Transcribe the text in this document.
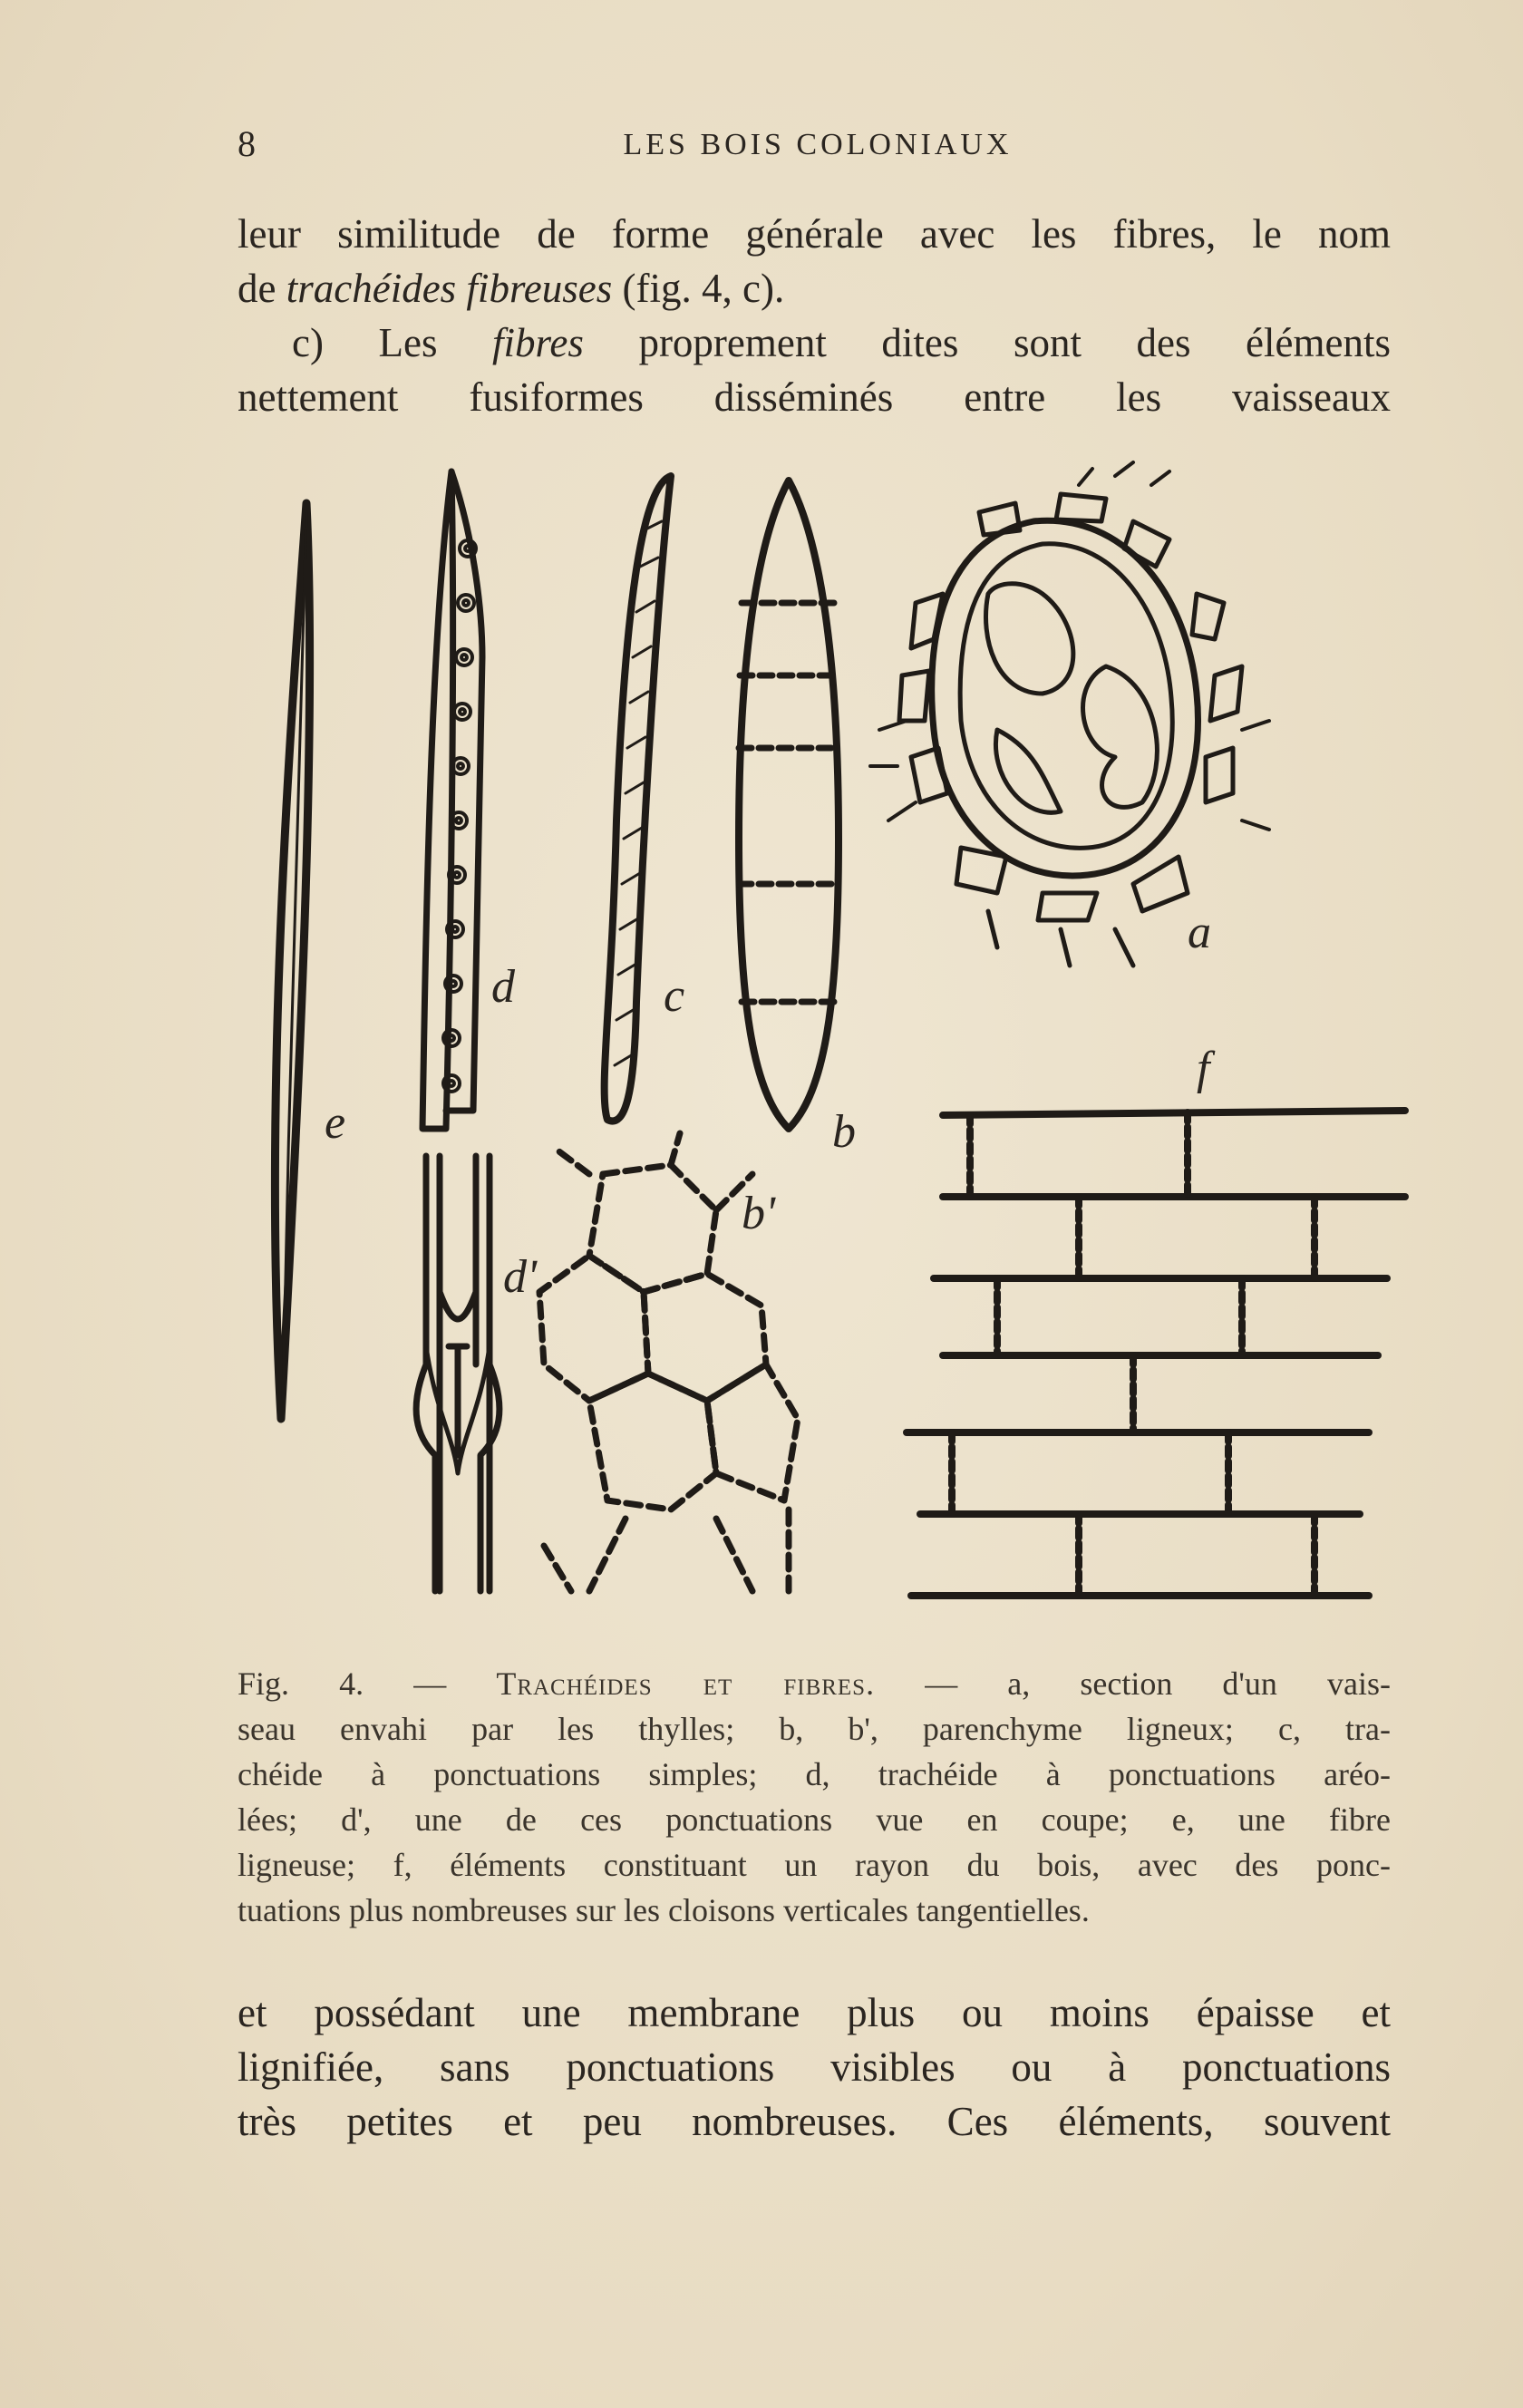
8	LES BOIS COLONIAUX
leur similitude de forme générale avec les fibres, le nom
de trachéides fibreuses (fig. 4, c).
c) Les fibres proprement dites sont des éléments
nettement fusiformes disséminés entre les vaisseaux
a
b
b'
c
d
d'
e
f
Fig. 4. — Trachéides et fibres. — a, section d'un vais-
seau envahi par les thylles; b, b', parenchyme ligneux; c, tra-
chéide à ponctuations simples; d, trachéide à ponctuations aréo-
lées; d', une de ces ponctuations vue en coupe; e, une fibre
ligneuse; f, éléments constituant un rayon du bois, avec des ponc-
tuations plus nombreuses sur les cloisons verticales tangentielles.
et possédant une membrane plus ou moins épaisse et
lignifiée, sans ponctuations visibles ou à ponctuations
très petites et peu nombreuses. Ces éléments, souvent
